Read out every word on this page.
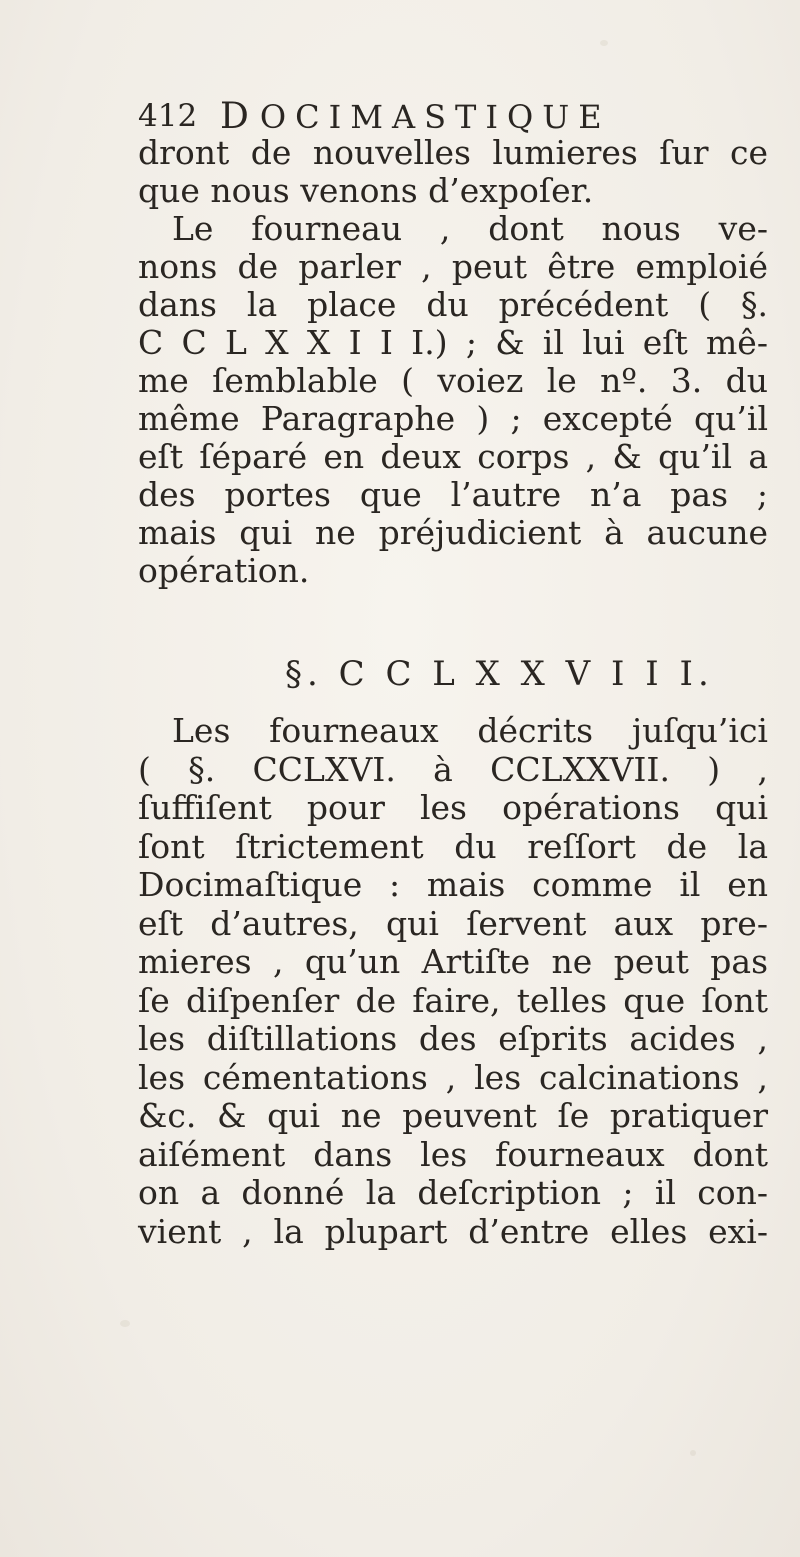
412 DOCIMASTIQUE
dront de nouvelles lumieres ſur ce
que nous venons d’expoſer.
Le fourneau , dont nous ve-
nons de parler , peut être emploié
dans la place du précédent ( §.
C C L X X I I I.) ; & il lui eſt mê-
me ſemblable ( voiez le nº. 3. du
même Paragraphe ) ; excepté qu’il
eſt ſéparé en deux corps , & qu’il a
des portes que l’autre n’a pas ;
mais qui ne préjudicient à aucune
opération.
§. C C L X X V I I I.
Les fourneaux décrits juſqu’ici
( §. CCLXVI. à CCLXXVII. ) ,
ſuffiſent pour les opérations qui
ſont ſtrictement du reſſort de la
Docimaſtique : mais comme il en
eſt d’autres, qui ſervent aux pre-
mieres , qu’un Artiſte ne peut pas
ſe diſpenſer de faire, telles que ſont
les diſtillations des eſprits acides ,
les cémentations , les calcinations ,
&c. & qui ne peuvent ſe pratiquer
aiſément dans les fourneaux dont
on a donné la deſcription ; il con-
vient , la plupart d’entre elles exi-
